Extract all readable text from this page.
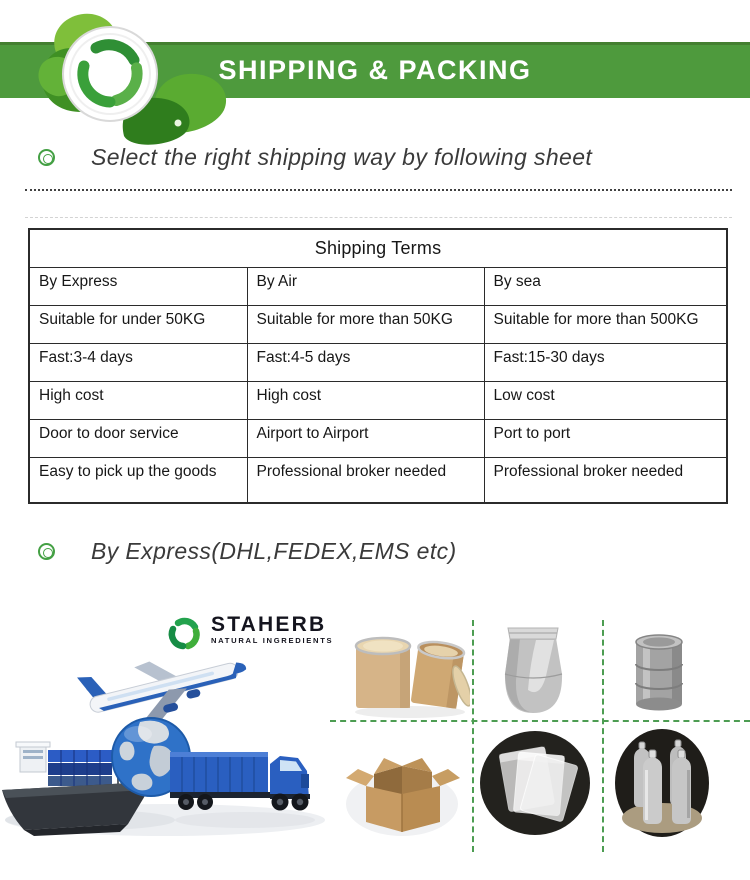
SHIPPING & PACKING
Select the right shipping way by following sheet
Shipping Terms		
By Express	By Air	By sea
Suitable for under 50KG	Suitable for more than 50KG	Suitable for more than 500KG
Fast:3-4 days	Fast:4-5 days	Fast:15-30 days
High cost	High cost	Low cost
Door to door service	Airport to Airport	Port to port
Easy to pick up the goods	Professional broker needed	Professional broker needed
By Express(DHL,FEDEX,EMS etc)
STAHERB
NATURAL INGREDIENTS
